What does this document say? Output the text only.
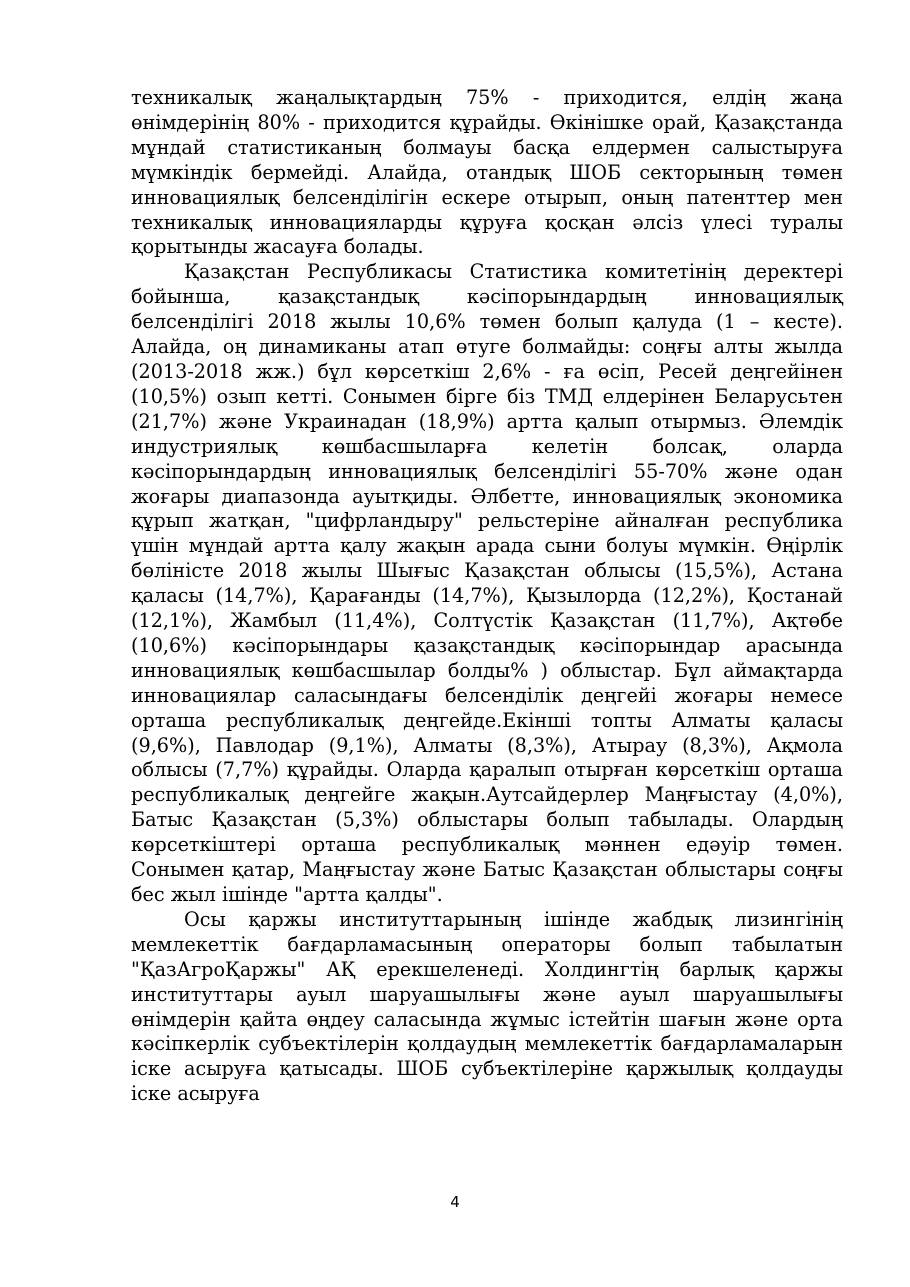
техникалық жаңалықтардың 75% - приходится, елдің жаңа өнімдерінің 80% - приходится құрайды. Өкінішке орай, Қазақстанда мұндай статистиканың болмауы басқа елдермен салыстыруға мүмкіндік бермейді. Алайда, отандық ШОБ секторының төмен инновациялық белсенділігін ескере отырып, оның патенттер мен техникалық инновацияларды құруға қосқан әлсіз үлесі туралы қорытынды жасауға болады.

Қазақстан Республикасы Статистика комитетінің деректері бойынша, қазақстандық кәсіпорындардың инновациялық белсенділігі 2018 жылы 10,6% төмен болып қалуда (1 – кесте). Алайда, оң динамиканы атап өтуге болмайды: соңғы алты жылда (2013-2018 жж.) бұл көрсеткіш 2,6% - ға өсіп, Ресей деңгейінен (10,5%) озып кетті. Сонымен бірге біз ТМД елдерінен Беларусьтен (21,7%) және Украинадан (18,9%) артта қалып отырмыз. Әлемдік индустриялық көшбасшыларға келетін болсақ, оларда кәсіпорындардың инновациялық белсенділігі 55-70% және одан жоғары диапазонда ауытқиды. Әлбетте, инновациялық экономика құрып жатқан, "цифрландыру" рельстеріне айналған республика үшін мұндай артта қалу жақын арада сыни болуы мүмкін. Өңірлік бөліністе 2018 жылы Шығыс Қазақстан облысы (15,5%), Астана қаласы (14,7%), Қарағанды (14,7%), Қызылорда (12,2%), Қостанай (12,1%), Жамбыл (11,4%), Солтүстік Қазақстан (11,7%), Ақтөбе (10,6%) кәсіпорындары қазақстандық кәсіпорындар арасында инновациялық көшбасшылар болды% ) облыстар. Бұл аймақтарда инновациялар саласындағы белсенділік деңгейі жоғары немесе орташа республикалық деңгейде.Екінші топты Алматы қаласы (9,6%), Павлодар (9,1%), Алматы (8,3%), Атырау (8,3%), Ақмола облысы (7,7%) құрайды. Оларда қаралып отырған көрсеткіш орташа республикалық деңгейге жақын.Аутсайдерлер Маңғыстау (4,0%), Батыс Қазақстан (5,3%) облыстары болып табылады. Олардың көрсеткіштері орташа республикалық мәннен едәуір төмен. Сонымен қатар, Маңғыстау және Батыс Қазақстан облыстары соңғы бес жыл ішінде "артта қалды".

Осы қаржы институттарының ішінде жабдық лизингінің мемлекеттік бағдарламасының операторы болып табылатын "ҚазАгроҚаржы" АҚ ерекшеленеді. Холдингтің барлық қаржы институттары ауыл шаруашылығы және ауыл шаруашылығы өнімдерін қайта өңдеу саласында жұмыс істейтін шағын және орта кәсіпкерлік субъектілерін қолдаудың мемлекеттік бағдарламаларын іске асыруға қатысады. ШОБ субъектілеріне қаржылық қолдауды іске асыруға

4
